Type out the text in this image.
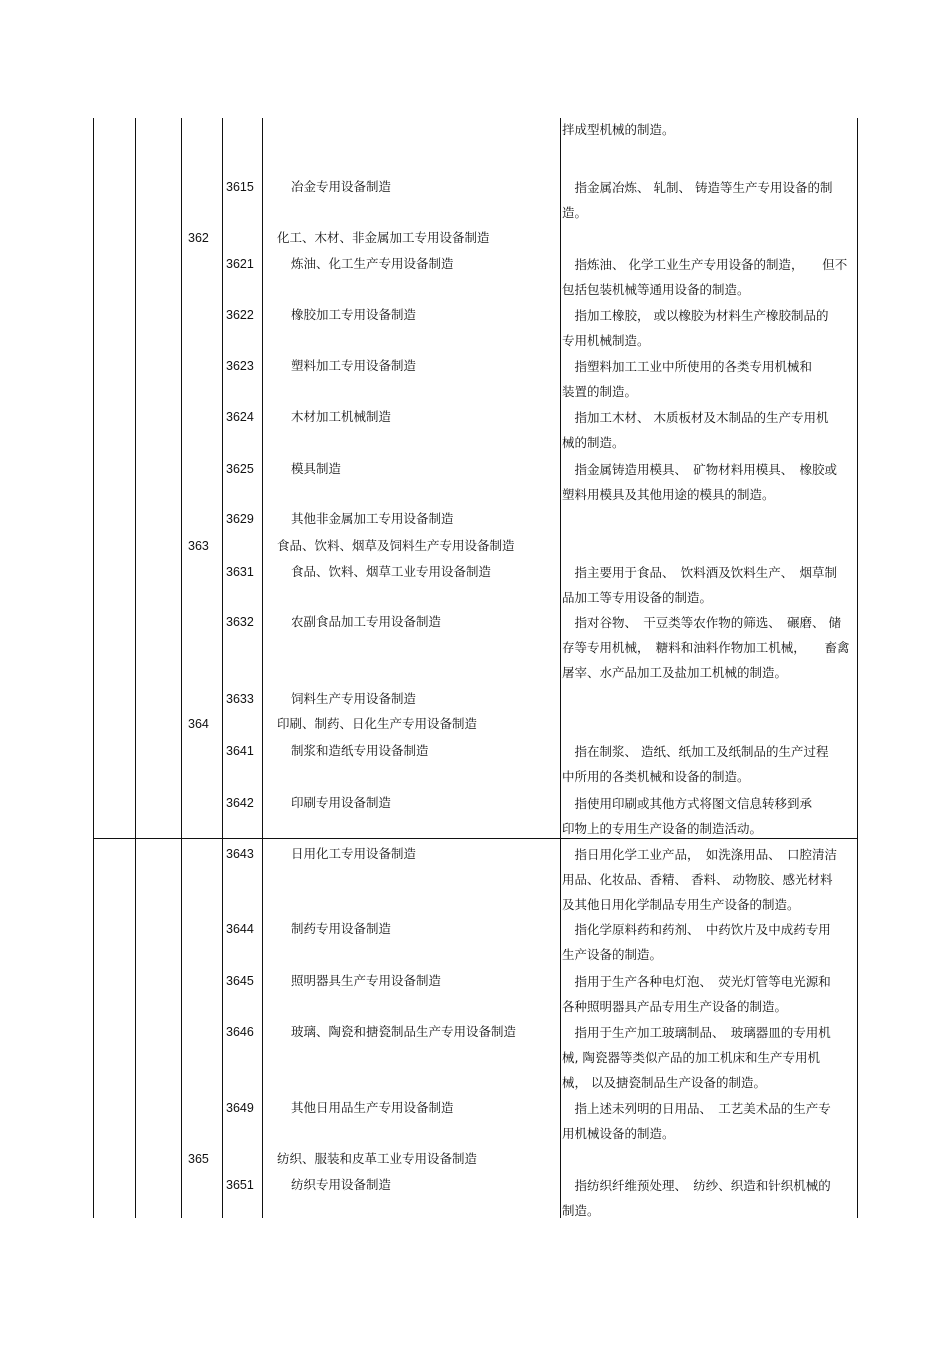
拌成型机械的制造。
3615	冶金专用设备制造	　指金属冶炼、 轧制、 铸造等生产专用设备的制
造。
362	化工、木材、非金属加工专用设备制造
3621	炼油、化工生产专用设备制造	　指炼油、 化学工业生产专用设备的制造，　　但不
包括包装机械等通用设备的制造。
3622	橡胶加工专用设备制造	　指加工橡胶， 或以橡胶为材料生产橡胶制品的
专用机械制造。
3623	塑料加工专用设备制造	　指塑料加工工业中所使用的各类专用机械和
装置的制造。
3624	木材加工机械制造	　指加工木材、 木质板材及木制品的生产专用机
械的制造。
3625	模具制造	　指金属铸造用模具、　矿物材料用模具、　橡胶或
塑料用模具及其他用途的模具的制造。
3629	其他非金属加工专用设备制造
363	食品、饮料、烟草及饲料生产专用设备制造
3631	食品、饮料、烟草工业专用设备制造	　指主要用于食品、　饮料酒及饮料生产、　烟草制
品加工等专用设备的制造。
3632	农副食品加工专用设备制造	　指对谷物、　干豆类等农作物的筛选、　碾磨、 储
存等专用机械，　糖料和油料作物加工机械，　　畜禽
屠宰、水产品加工及盐加工机械的制造。
3633	饲料生产专用设备制造
364	印刷、制药、日化生产专用设备制造
3641	制浆和造纸专用设备制造	　指在制浆、 造纸、纸加工及纸制品的生产过程
中所用的各类机械和设备的制造。
3642	印刷专用设备制造	　指使用印刷或其他方式将图文信息转移到承
印物上的专用生产设备的制造活动。
3643	日用化工专用设备制造	　指日用化学工业产品，　如洗涤用品、　口腔清洁
用品、化妆品、香精、 香料、 动物胶、感光材料
及其他日用化学制品专用生产设备的制造。
3644	制药专用设备制造	　指化学原料药和药剂、　中药饮片及中成药专用
生产设备的制造。
3645	照明器具生产专用设备制造	　指用于生产各种电灯泡、　荧光灯管等电光源和
各种照明器具产品专用生产设备的制造。
3646	玻璃、陶瓷和搪瓷制品生产专用设备制造	　指用于生产加工玻璃制品、　玻璃器皿的专用机
械, 陶瓷器等类似产品的加工机床和生产专用机
械， 以及搪瓷制品生产设备的制造。
3649	其他日用品生产专用设备制造	　指上述未列明的日用品、　工艺美术品的生产专
用机械设备的制造。
365	纺织、服装和皮革工业专用设备制造
3651	纺织专用设备制造	　指纺织纤维预处理、　纺纱、织造和针织机械的
制造。
